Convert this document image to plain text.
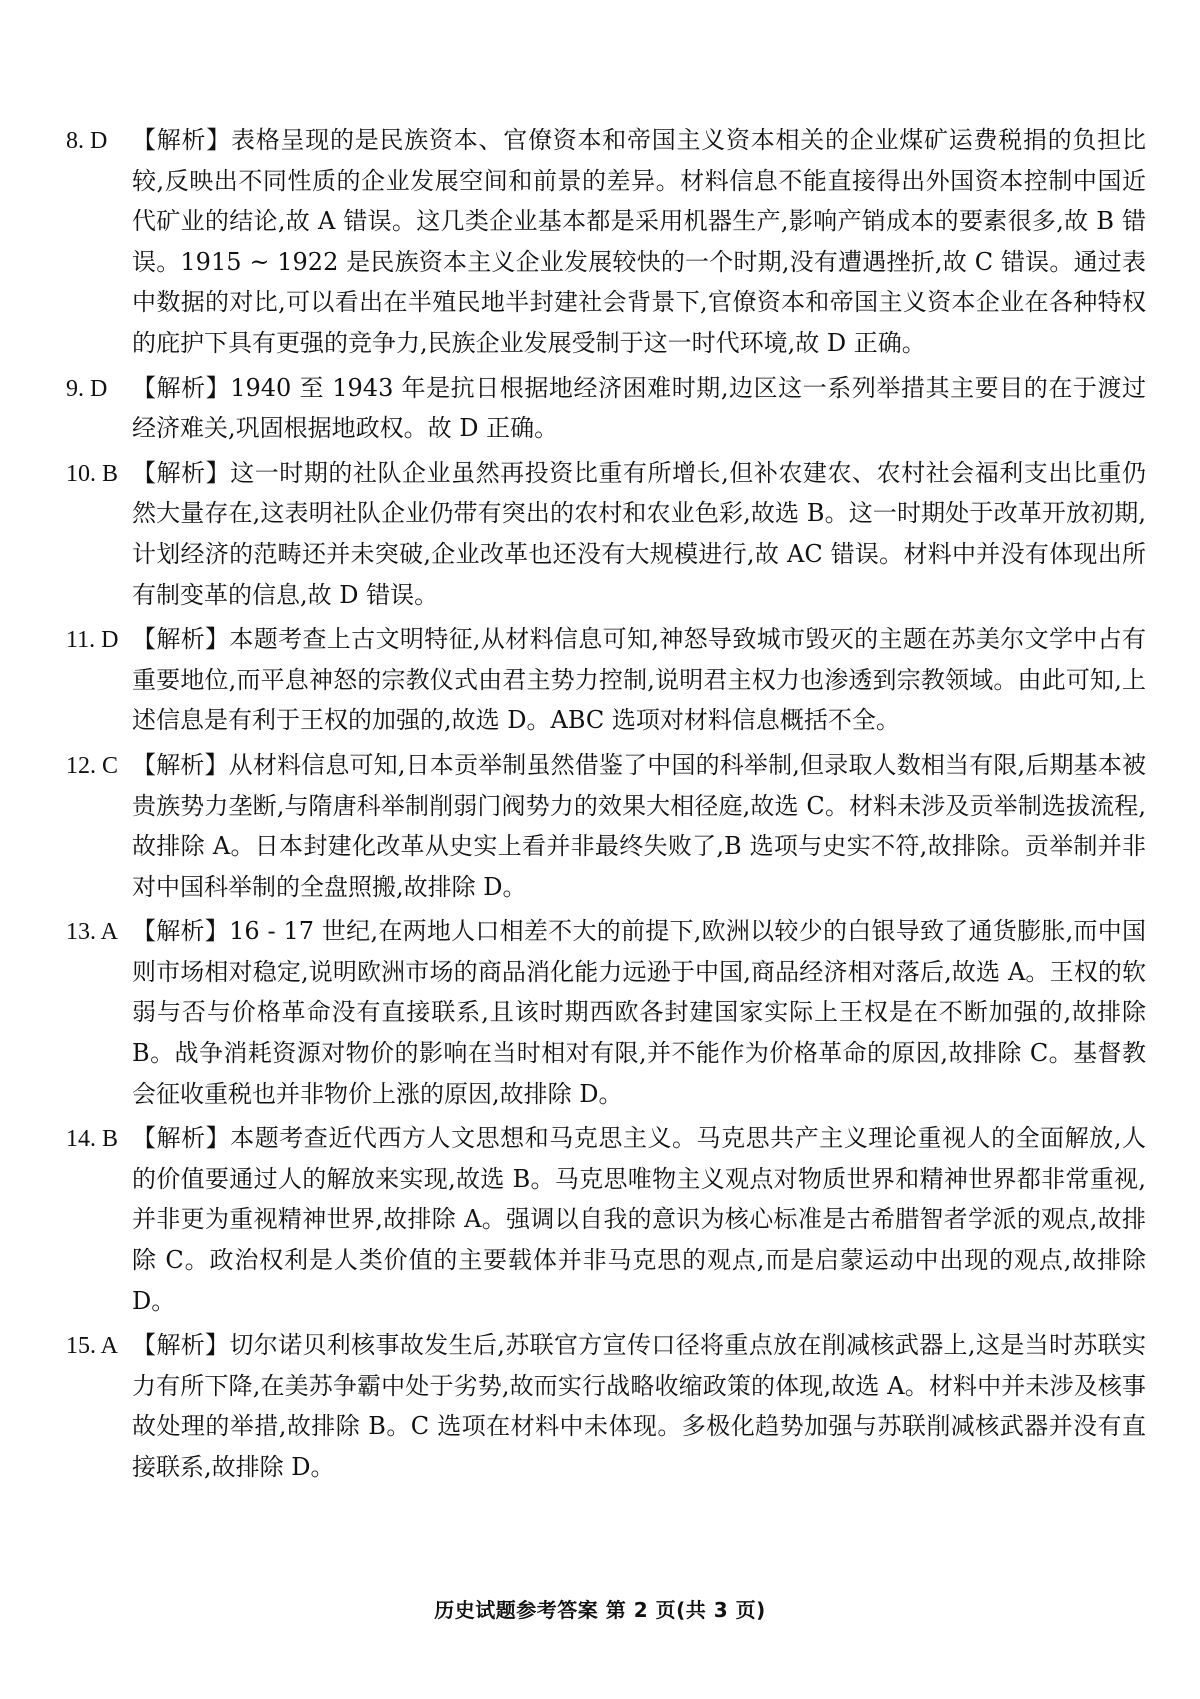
8. D 【解析】表格呈现的是民族资本、官僚资本和帝国主义资本相关的企业煤矿运费税捐的负担比较,反映出不同性质的企业发展空间和前景的差异。材料信息不能直接得出外国资本控制中国近代矿业的结论,故 A 错误。这几类企业基本都是采用机器生产,影响产销成本的要素很多,故 B 错误。1915 ~ 1922 是民族资本主义企业发展较快的一个时期,没有遭遇挫折,故 C 错误。通过表中数据的对比,可以看出在半殖民地半封建社会背景下,官僚资本和帝国主义资本企业在各种特权的庇护下具有更强的竞争力,民族企业发展受制于这一时代环境,故 D 正确。
9. D 【解析】1940 至 1943 年是抗日根据地经济困难时期,边区这一系列举措其主要目的在于渡过经济难关,巩固根据地政权。故 D 正确。
10. B 【解析】这一时期的社队企业虽然再投资比重有所增长,但补农建农、农村社会福利支出比重仍然大量存在,这表明社队企业仍带有突出的农村和农业色彩,故选 B。这一时期处于改革开放初期,计划经济的范畴还并未突破,企业改革也还没有大规模进行,故 AC 错误。材料中并没有体现出所有制变革的信息,故 D 错误。
11. D 【解析】本题考查上古文明特征,从材料信息可知,神怒导致城市毁灭的主题在苏美尔文学中占有重要地位,而平息神怒的宗教仪式由君主势力控制,说明君主权力也渗透到宗教领域。由此可知,上述信息是有利于王权的加强的,故选 D。ABC 选项对材料信息概括不全。
12. C 【解析】从材料信息可知,日本贡举制虽然借鉴了中国的科举制,但录取人数相当有限,后期基本被贵族势力垄断,与隋唐科举制削弱门阀势力的效果大相径庭,故选 C。材料未涉及贡举制选拔流程,故排除 A。日本封建化改革从史实上看并非最终失败了,B 选项与史实不符,故排除。贡举制并非对中国科举制的全盘照搬,故排除 D。
13. A 【解析】16 - 17 世纪,在两地人口相差不大的前提下,欧洲以较少的白银导致了通货膨胀,而中国则市场相对稳定,说明欧洲市场的商品消化能力远逊于中国,商品经济相对落后,故选 A。王权的软弱与否与价格革命没有直接联系,且该时期西欧各封建国家实际上王权是在不断加强的,故排除 B。战争消耗资源对物价的影响在当时相对有限,并不能作为价格革命的原因,故排除 C。基督教会征收重税也并非物价上涨的原因,故排除 D。
14. B 【解析】本题考查近代西方人文思想和马克思主义。马克思共产主义理论重视人的全面解放,人的价值要通过人的解放来实现,故选 B。马克思唯物主义观点对物质世界和精神世界都非常重视,并非更为重视精神世界,故排除 A。强调以自我的意识为核心标准是古希腊智者学派的观点,故排除 C。政治权利是人类价值的主要载体并非马克思的观点,而是启蒙运动中出现的观点,故排除 D。
15. A 【解析】切尔诺贝利核事故发生后,苏联官方宣传口径将重点放在削减核武器上,这是当时苏联实力有所下降,在美苏争霸中处于劣势,故而实行战略收缩政策的体现,故选 A。材料中并未涉及核事故处理的举措,故排除 B。C 选项在材料中未体现。多极化趋势加强与苏联削减核武器并没有直接联系,故排除 D。
历史试题参考答案 第 2 页(共 3 页)
